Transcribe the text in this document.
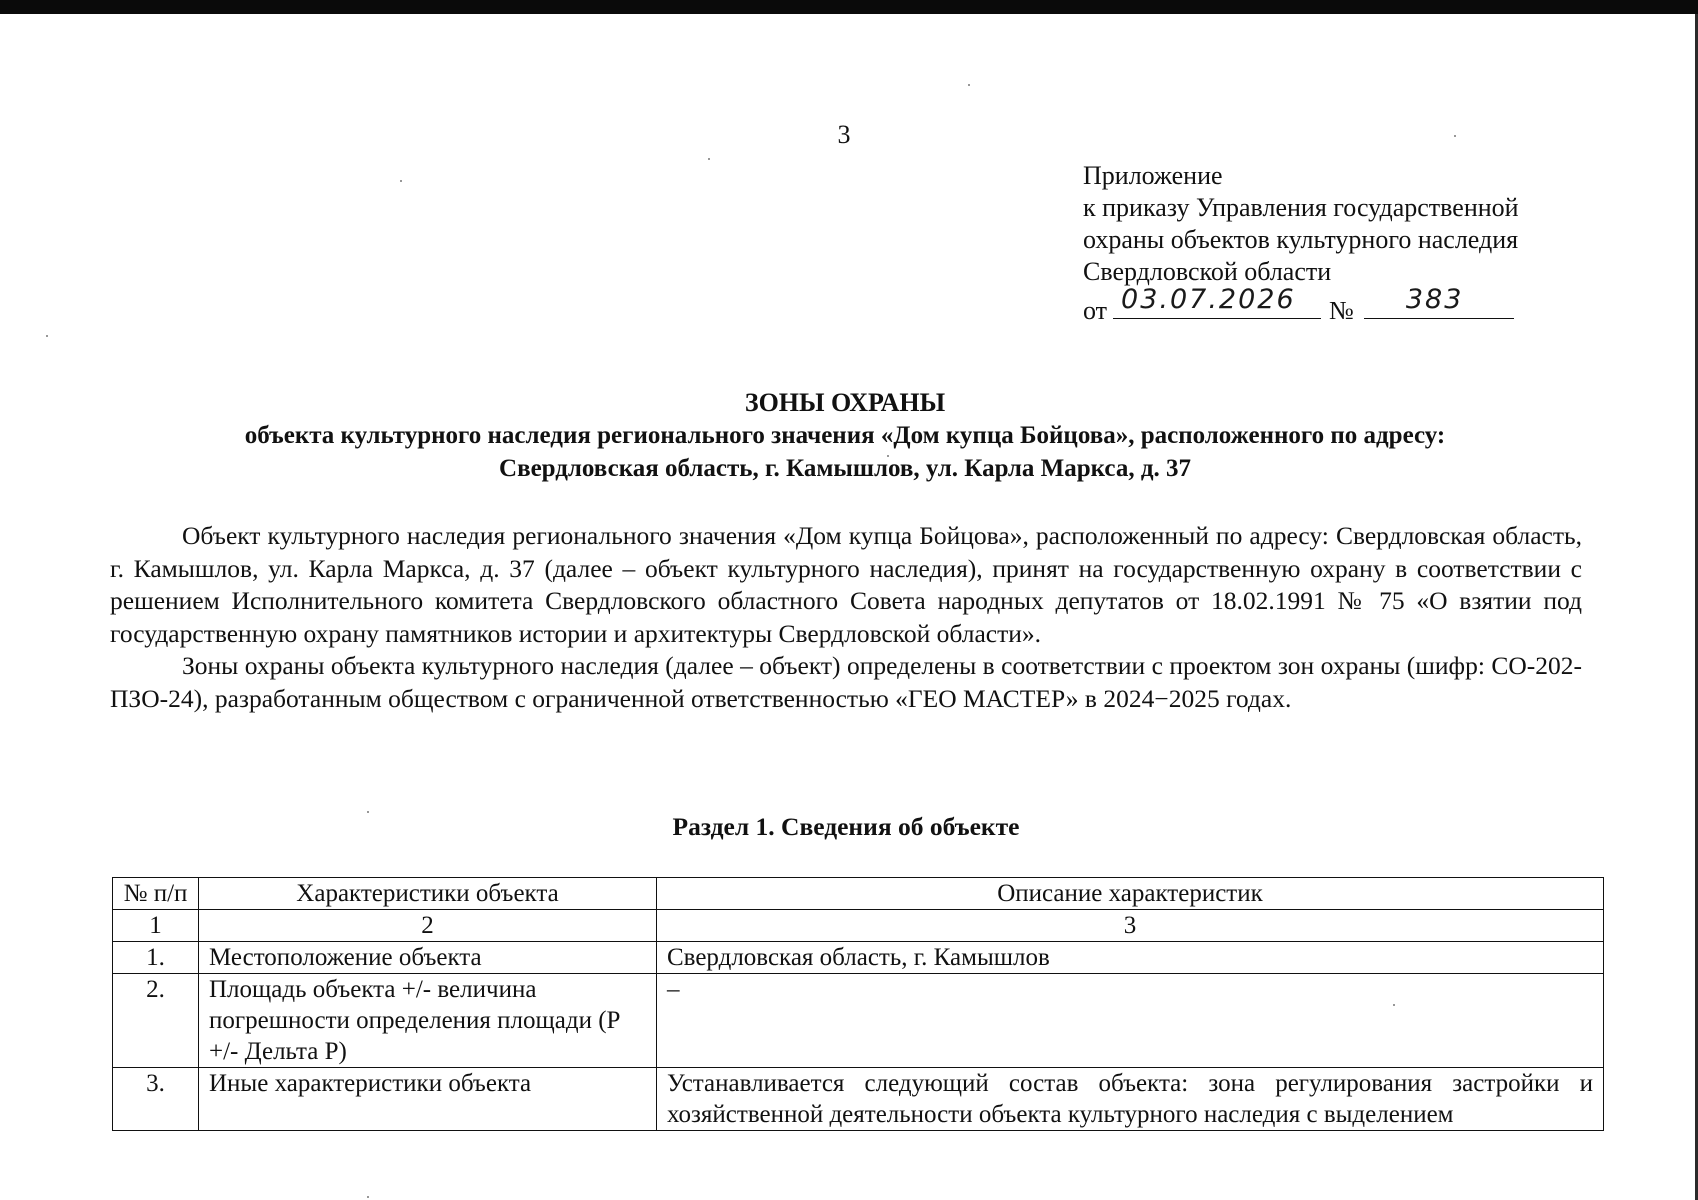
3
Приложение
к приказу Управления государственной
охраны объектов культурного наследия
Свердловской области
от 03.07.2026 № 383
ЗОНЫ ОХРАНЫ
объекта культурного наследия регионального значения «Дом купца Бойцова», расположенного по адресу:
Свердловская область, г. Камышлов, ул. Карла Маркса, д. 37

Объект культурного наследия регионального значения «Дом купца Бойцова», расположенный по адресу: Свердловская область, г. Камышлов, ул. Карла Маркса, д. 37 (далее – объект культурного наследия), принят на государственную охрану в соответствии с решением Исполнительного комитета Свердловского областного Совета народных депутатов от 18.02.1991 № 75 «О взятии под государственную охрану памятников истории и архитектуры Свердловской области».

Зоны охраны объекта культурного наследия (далее – объект) определены в соответствии с проектом зон охраны (шифр: СО-202-ПЗО-24), разработанным обществом с ограниченной ответственностью «ГЕО МАСТЕР» в 2024−2025 годах.

Раздел 1. Сведения об объекте
№ п/п	Характеристики объекта	Описание характеристик
1	2	3
1.	Местоположение объекта	Свердловская область, г. Камышлов
2.	Площадь объекта +/- величина погрешности определения площади (Р +/- Дельта Р)	–
3.	Иные характеристики объекта	Устанавливается следующий состав объекта: зона регулирования застройки и хозяйственной деятельности объекта культурного наследия с выделением
